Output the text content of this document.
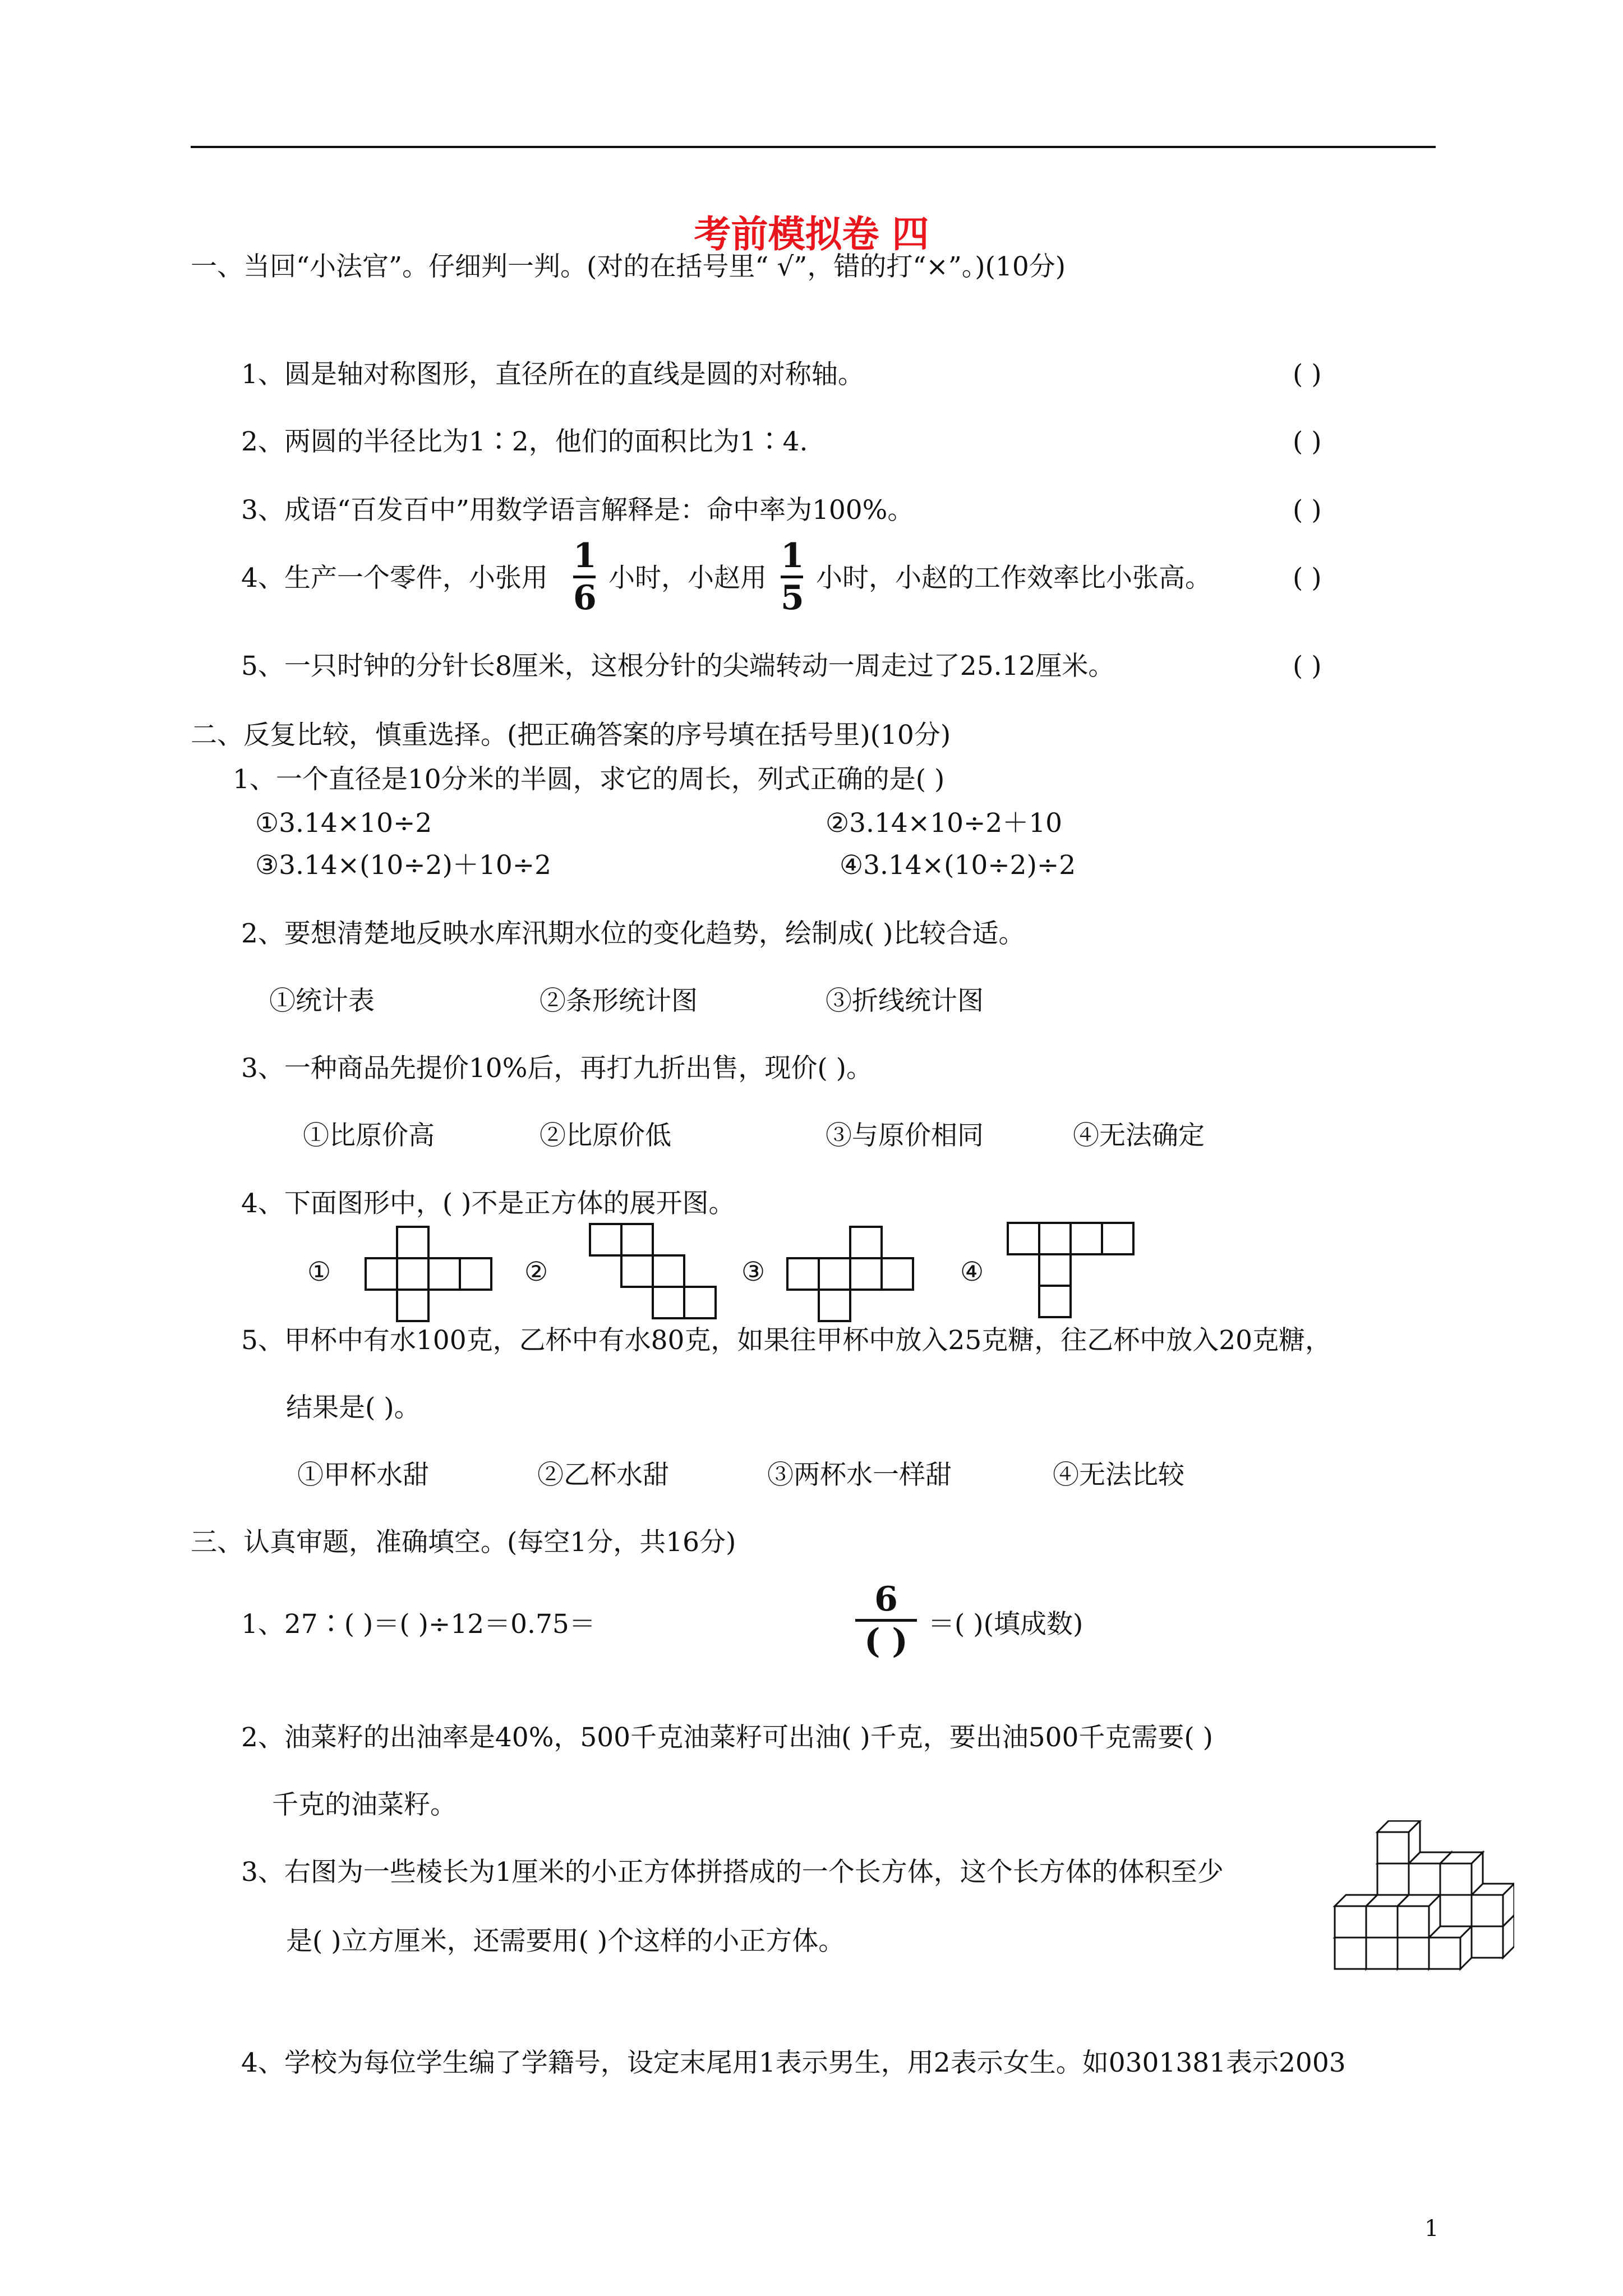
考前模拟卷 四
一、当回“小法官”。仔细判一判。(对的在括号里“ √”，错的打“×”。)(10分)
1、圆是轴对称图形，直径所在的直线是圆的对称轴。	( )
2、两圆的半径比为1∶2，他们的面积比为1∶4.	( )
3、成语“百发百中”用数学语言解释是：命中率为100%。	( )
4、生产一个零件，小张用
1
6
小时，小赵用
1
5
小时，小赵的工作效率比小张高。	( )
5、一只时钟的分针长8厘米，这根分针的尖端转动一周走过了25.12厘米。	( )
二、反复比较，慎重选择。(把正确答案的序号填在括号里)(10分)
1、一个直径是10分米的半圆，求它的周长，列式正确的是( )
①3.14×10÷2	②3.14×10÷2＋10
③3.14×(10÷2)＋10÷2	④3.14×(10÷2)÷2
2、要想清楚地反映水库汛期水位的变化趋势，绘制成( )比较合适。
①统计表	②条形统计图	③折线统计图
3、一种商品先提价10%后，再打九折出售，现价( )。
①比原价高	②比原价低	③与原价相同	④无法确定
4、下面图形中，( )不是正方体的展开图。
①	②	③	④
5、甲杯中有水100克，乙杯中有水80克，如果往甲杯中放入25克糖，往乙杯中放入20克糖，
结果是( )。
①甲杯水甜	②乙杯水甜	③两杯水一样甜	④无法比较
三、认真审题，准确填空。(每空1分，共16分)
1、27∶( )＝( )÷12＝0.75＝
6
( ) ＝( )(填成数)
2、油菜籽的出油率是40%，500千克油菜籽可出油( )千克，要出油500千克需要( )
千克的油菜籽。
3、右图为一些棱长为1厘米的小正方体拼搭成的一个长方体，这个长方体的体积至少
是( )立方厘米，还需要用( )个这样的小正方体。
4、学校为每位学生编了学籍号，设定末尾用1表示男生，用2表示女生。如0301381表示2003
1
